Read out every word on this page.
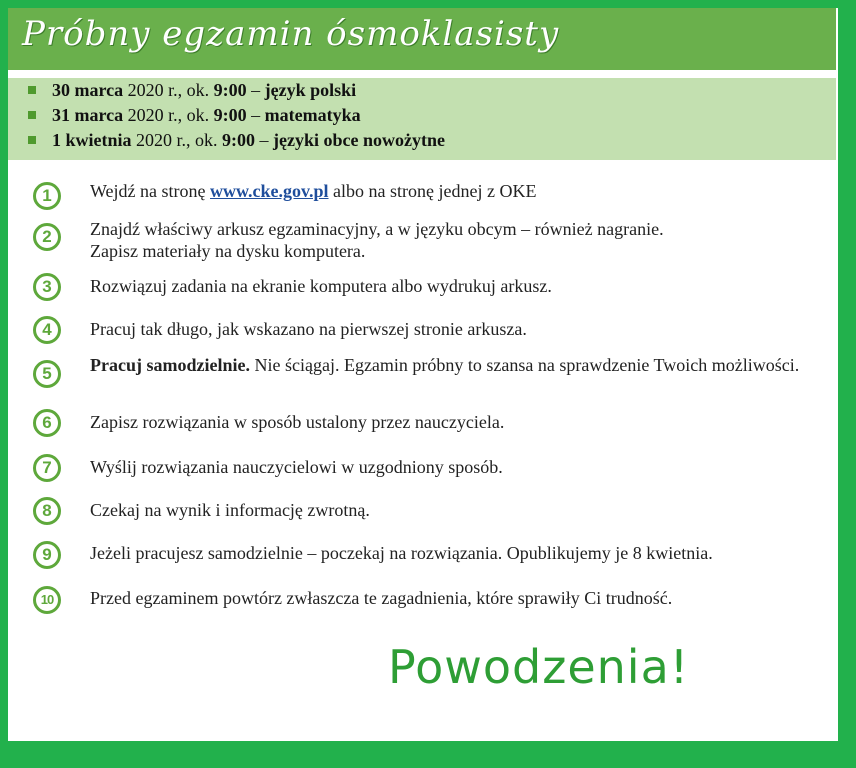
Próbny egzamin ósmoklasisty
30 marca 2020 r., ok. 9:00 – język polski
31 marca 2020 r., ok. 9:00 – matematyka
1 kwietnia 2020 r., ok. 9:00 – języki obce nowożytne
1	Wejdź na stronę www.cke.gov.pl albo na stronę jednej z OKE
2	Znajdź właściwy arkusz egzaminacyjny, a w języku obcym – również nagranie.
Zapisz materiały na dysku komputera.
3	Rozwiązuj zadania na ekranie komputera albo wydrukuj arkusz.
4	Pracuj tak długo, jak wskazano na pierwszej stronie arkusza.
5	Pracuj samodzielnie. Nie ściągaj. Egzamin próbny to szansa na sprawdzenie Twoich możliwości.
6	Zapisz rozwiązania w sposób ustalony przez nauczyciela.
7	Wyślij rozwiązania nauczycielowi w uzgodniony sposób.
8	Czekaj na wynik i informację zwrotną.
9	Jeżeli pracujesz samodzielnie – poczekaj na rozwiązania. Opublikujemy je 8 kwietnia.
10	Przed egzaminem powtórz zwłaszcza te zagadnienia, które sprawiły Ci trudność.
Powodzenia!
